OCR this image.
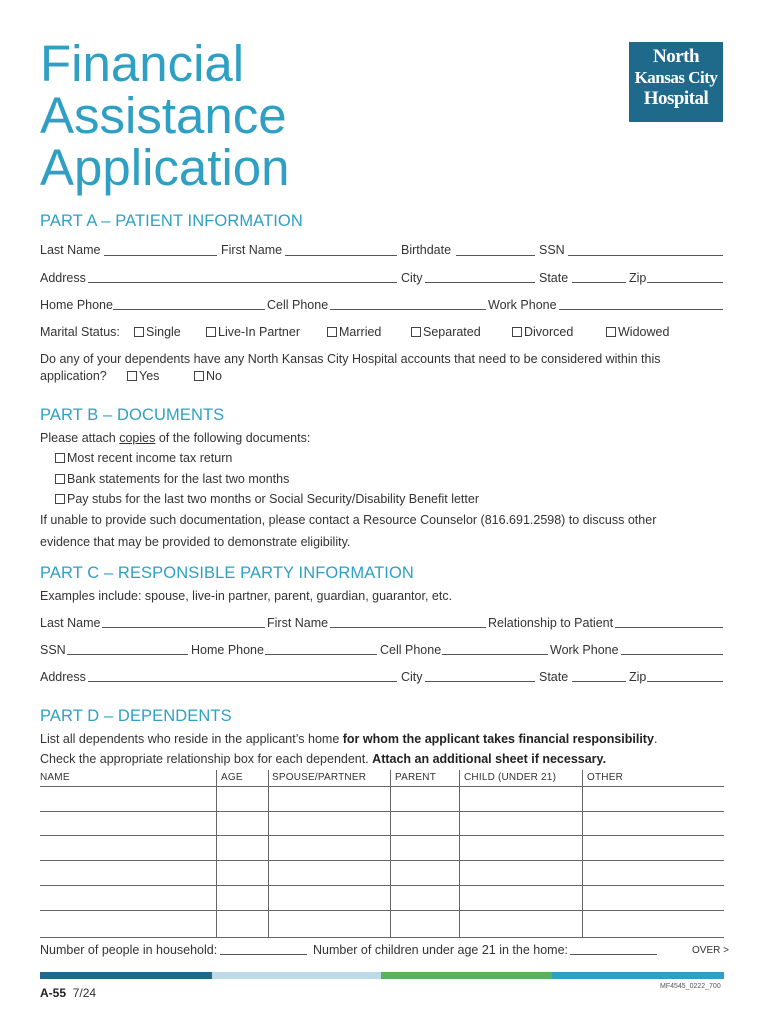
Financial
Assistance
Application
North
Kansas City
Hospital
PART A – PATIENT INFORMATION
Last Name	First Name	Birthdate	SSN
Address	City	State	Zip
Home Phone	Cell Phone	Work Phone
Marital Status:	Single	Live-In Partner	Married	Separated	Divorced	Widowed
Do any of your dependents have any North Kansas City Hospital accounts that need to be considered within this
application?	Yes	No
PART B – DOCUMENTS
Please attach copies of the following documents:
Most recent income tax return
Bank statements for the last two months
Pay stubs for the last two months or Social Security/Disability Benefit letter
If unable to provide such documentation, please contact a Resource Counselor (816.691.2598) to discuss other
evidence that may be provided to demonstrate eligibility.
PART C – RESPONSIBLE PARTY INFORMATION
Examples include: spouse, live-in partner, parent, guardian, guarantor, etc.
Last Name	First Name	Relationship to Patient
SSN	Home Phone	Cell Phone	Work Phone
Address	City	State	Zip
PART D – DEPENDENTS
List all dependents who reside in the applicant’s home for whom the applicant takes financial responsibility.
Check the appropriate relationship box for each dependent. Attach an additional sheet if necessary.
NAME	AGE	SPOUSE/PARTNER	PARENT	CHILD (UNDER 21)	OTHER
Number of people in household:	Number of children under age 21 in the home:	OVER >
A-55 7/24	MF4545_0222_700
